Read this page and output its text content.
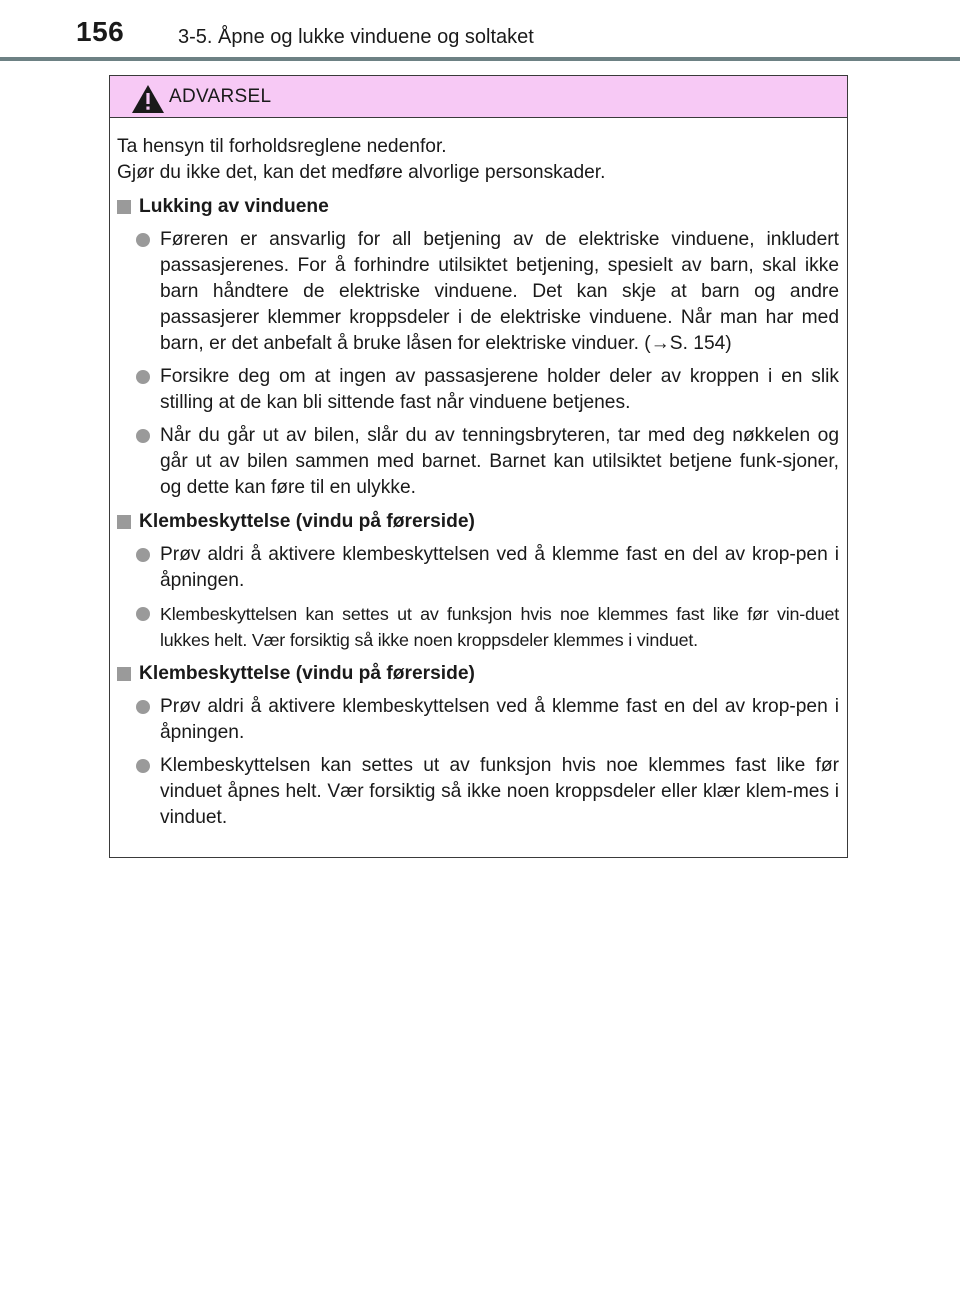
156	3-5. Åpne og lukke vinduene og soltaket
ADVARSEL

Ta hensyn til forholdsreglene nedenfor.

Gjør du ikke det, kan det medføre alvorlige personskader.

Lukking av vinduene
Føreren er ansvarlig for all betjening av de elektriske vinduene, inkludert passasjerenes. For å forhindre utilsiktet betjening, spesielt av barn, skal ikke barn håndtere de elektriske vinduene. Det kan skje at barn og andre passasjerer klemmer kroppsdeler i de elektriske vinduene. Når man har med barn, er det anbefalt å bruke låsen for elektriske vinduer. (→S. 154)
Forsikre deg om at ingen av passasjerene holder deler av kroppen i en slik stilling at de kan bli sittende fast når vinduene betjenes.
Når du går ut av bilen, slår du av tenningsbryteren, tar med deg nøkkelen og går ut av bilen sammen med barnet. Barnet kan utilsiktet betjene funk-sjoner, og dette kan føre til en ulykke.
Klembeskyttelse (vindu på førerside)
Prøv aldri å aktivere klembeskyttelsen ved å klemme fast en del av krop-pen i åpningen.
Klembeskyttelsen kan settes ut av funksjon hvis noe klemmes fast like før vin-duet lukkes helt. Vær forsiktig så ikke noen kroppsdeler klemmes i vinduet.
Klembeskyttelse (vindu på førerside)
Prøv aldri å aktivere klembeskyttelsen ved å klemme fast en del av krop-pen i åpningen.
Klembeskyttelsen kan settes ut av funksjon hvis noe klemmes fast like før vinduet åpnes helt. Vær forsiktig så ikke noen kroppsdeler eller klær klem-mes i vinduet.
